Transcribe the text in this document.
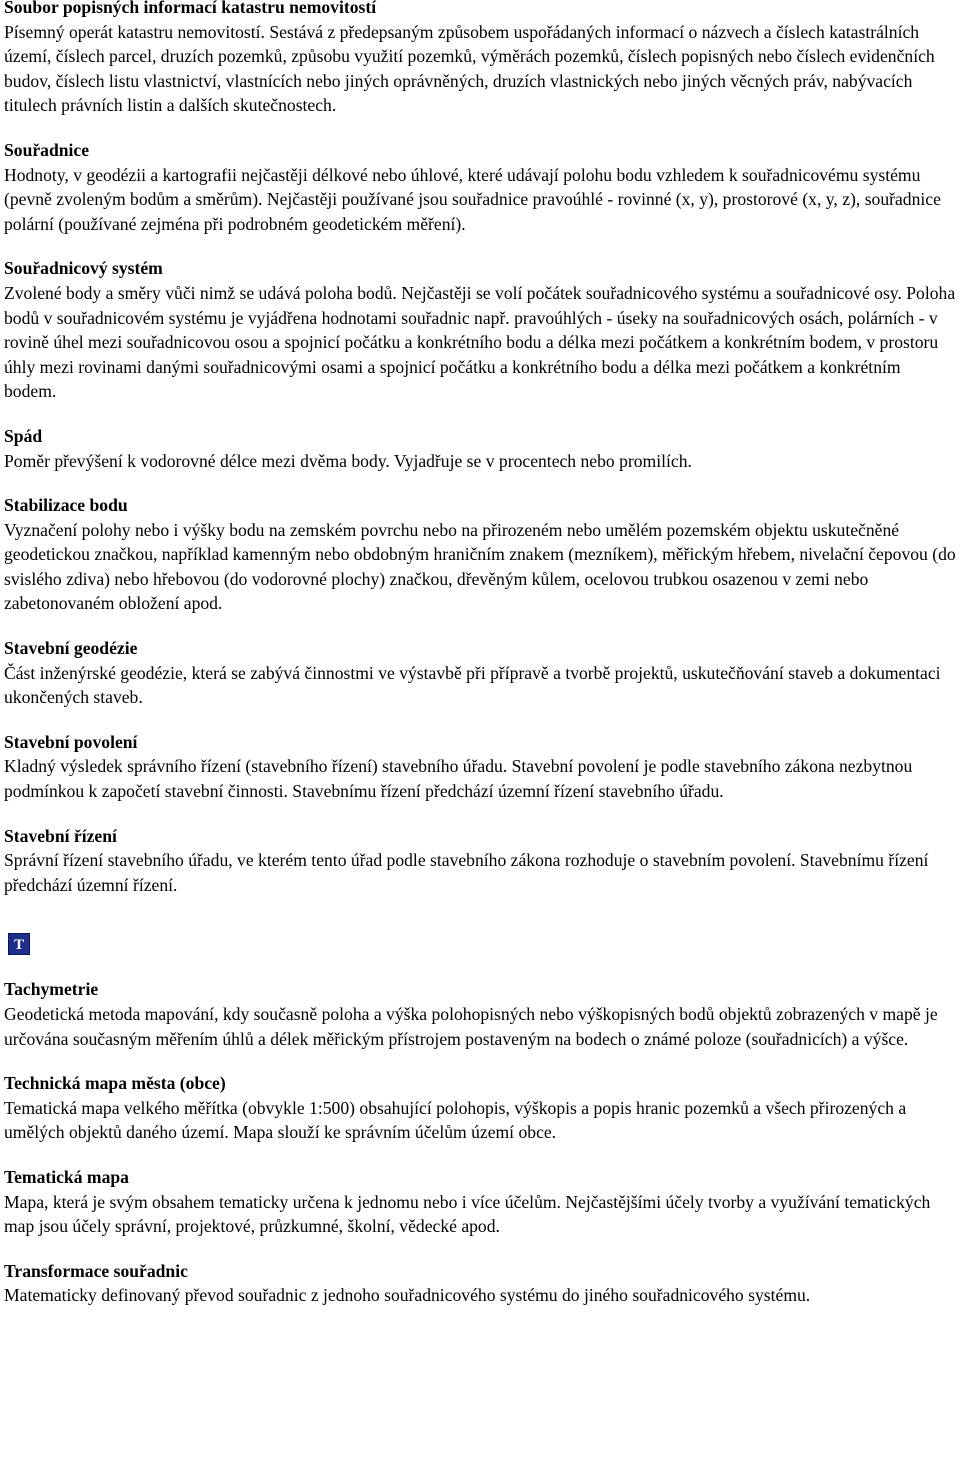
Soubor popisných informací katastru nemovitostí
Písemný operát katastru nemovitostí. Sestává z předepsaným způsobem uspořádaných informací o názvech a číslech katastrálních území, číslech parcel, druzích pozemků, způsobu využití pozemků, výměrách pozemků, číslech popisných nebo číslech evidenčních budov, číslech listu vlastnictví, vlastnících nebo jiných oprávněných, druzích vlastnických nebo jiných věcných práv, nabývacích titulech právních listin a dalších skutečnostech.
Souřadnice
Hodnoty, v geodézii a kartografii nejčastěji délkové nebo úhlové, které udávají polohu bodu vzhledem k souřadnicovému systému (pevně zvoleným bodům a směrům). Nejčastěji používané jsou souřadnice pravoúhlé - rovinné (x, y), prostorové (x, y, z), souřadnice polární (používané zejména při podrobném geodetickém měření).
Souřadnicový systém
Zvolené body a směry vůči nimž se udává poloha bodů. Nejčastěji se volí počátek souřadnicového systému a souřadnicové osy. Poloha bodů v souřadnicovém systému je vyjádřena hodnotami souřadnic např. pravoúhlých - úseky na souřadnicových osách, polárních - v rovině úhel mezi souřadnicovou osou a spojnicí počátku a konkrétního bodu a délka mezi počátkem a konkrétním bodem, v prostoru úhly mezi rovinami danými souřadnicovými osami a spojnicí počátku a konkrétního bodu a délka mezi počátkem a konkrétním bodem.
Spád
Poměr převýšení k vodorovné délce mezi dvěma body. Vyjadřuje se v procentech nebo promilích.
Stabilizace bodu
Vyznačení polohy nebo i výšky bodu na zemském povrchu nebo na přirozeném nebo umělém pozemském objektu uskutečněné geodetickou značkou, například kamenným nebo obdobným hraničním znakem (mezníkem), měřickým hřebem, nivelační čepovou (do svislého zdiva) nebo hřebovou (do vodorovné plochy) značkou, dřevěným kůlem, ocelovou trubkou osazenou v zemi nebo zabetonovaném obložení apod.
Stavební geodézie
Část inženýrské geodézie, která se zabývá činnostmi ve výstavbě při přípravě a tvorbě projektů, uskutečňování staveb a dokumentaci ukončených staveb.
Stavební povolení
Kladný výsledek správního řízení (stavebního řízení) stavebního úřadu. Stavební povolení je podle stavebního zákona nezbytnou podmínkou k započetí stavební činnosti. Stavebnímu řízení předchází územní řízení stavebního úřadu.
Stavební řízení
Správní řízení stavebního úřadu, ve kterém tento úřad podle stavebního zákona rozhoduje o stavebním povolení. Stavebnímu řízení předchází územní řízení.
T
Tachymetrie
Geodetická metoda mapování, kdy současně poloha a výška polohopisných nebo výškopisných bodů objektů zobrazených v mapě je určována současným měřením úhlů a délek měřickým přístrojem postaveným na bodech o známé poloze (souřadnicích) a výšce.
Technická mapa města (obce)
Tematická mapa velkého měřítka (obvykle 1:500) obsahující polohopis, výškopis a popis hranic pozemků a všech přirozených a umělých objektů daného území. Mapa slouží ke správním účelům území obce.
Tematická mapa
Mapa, která je svým obsahem tematicky určena k jednomu nebo i více účelům. Nejčastějšími účely tvorby a využívání tematických map jsou účely správní, projektové, průzkumné, školní, vědecké apod.
Transformace souřadnic
Matematicky definovaný převod souřadnic z jednoho souřadnicového systému do jiného souřadnicového systému.
